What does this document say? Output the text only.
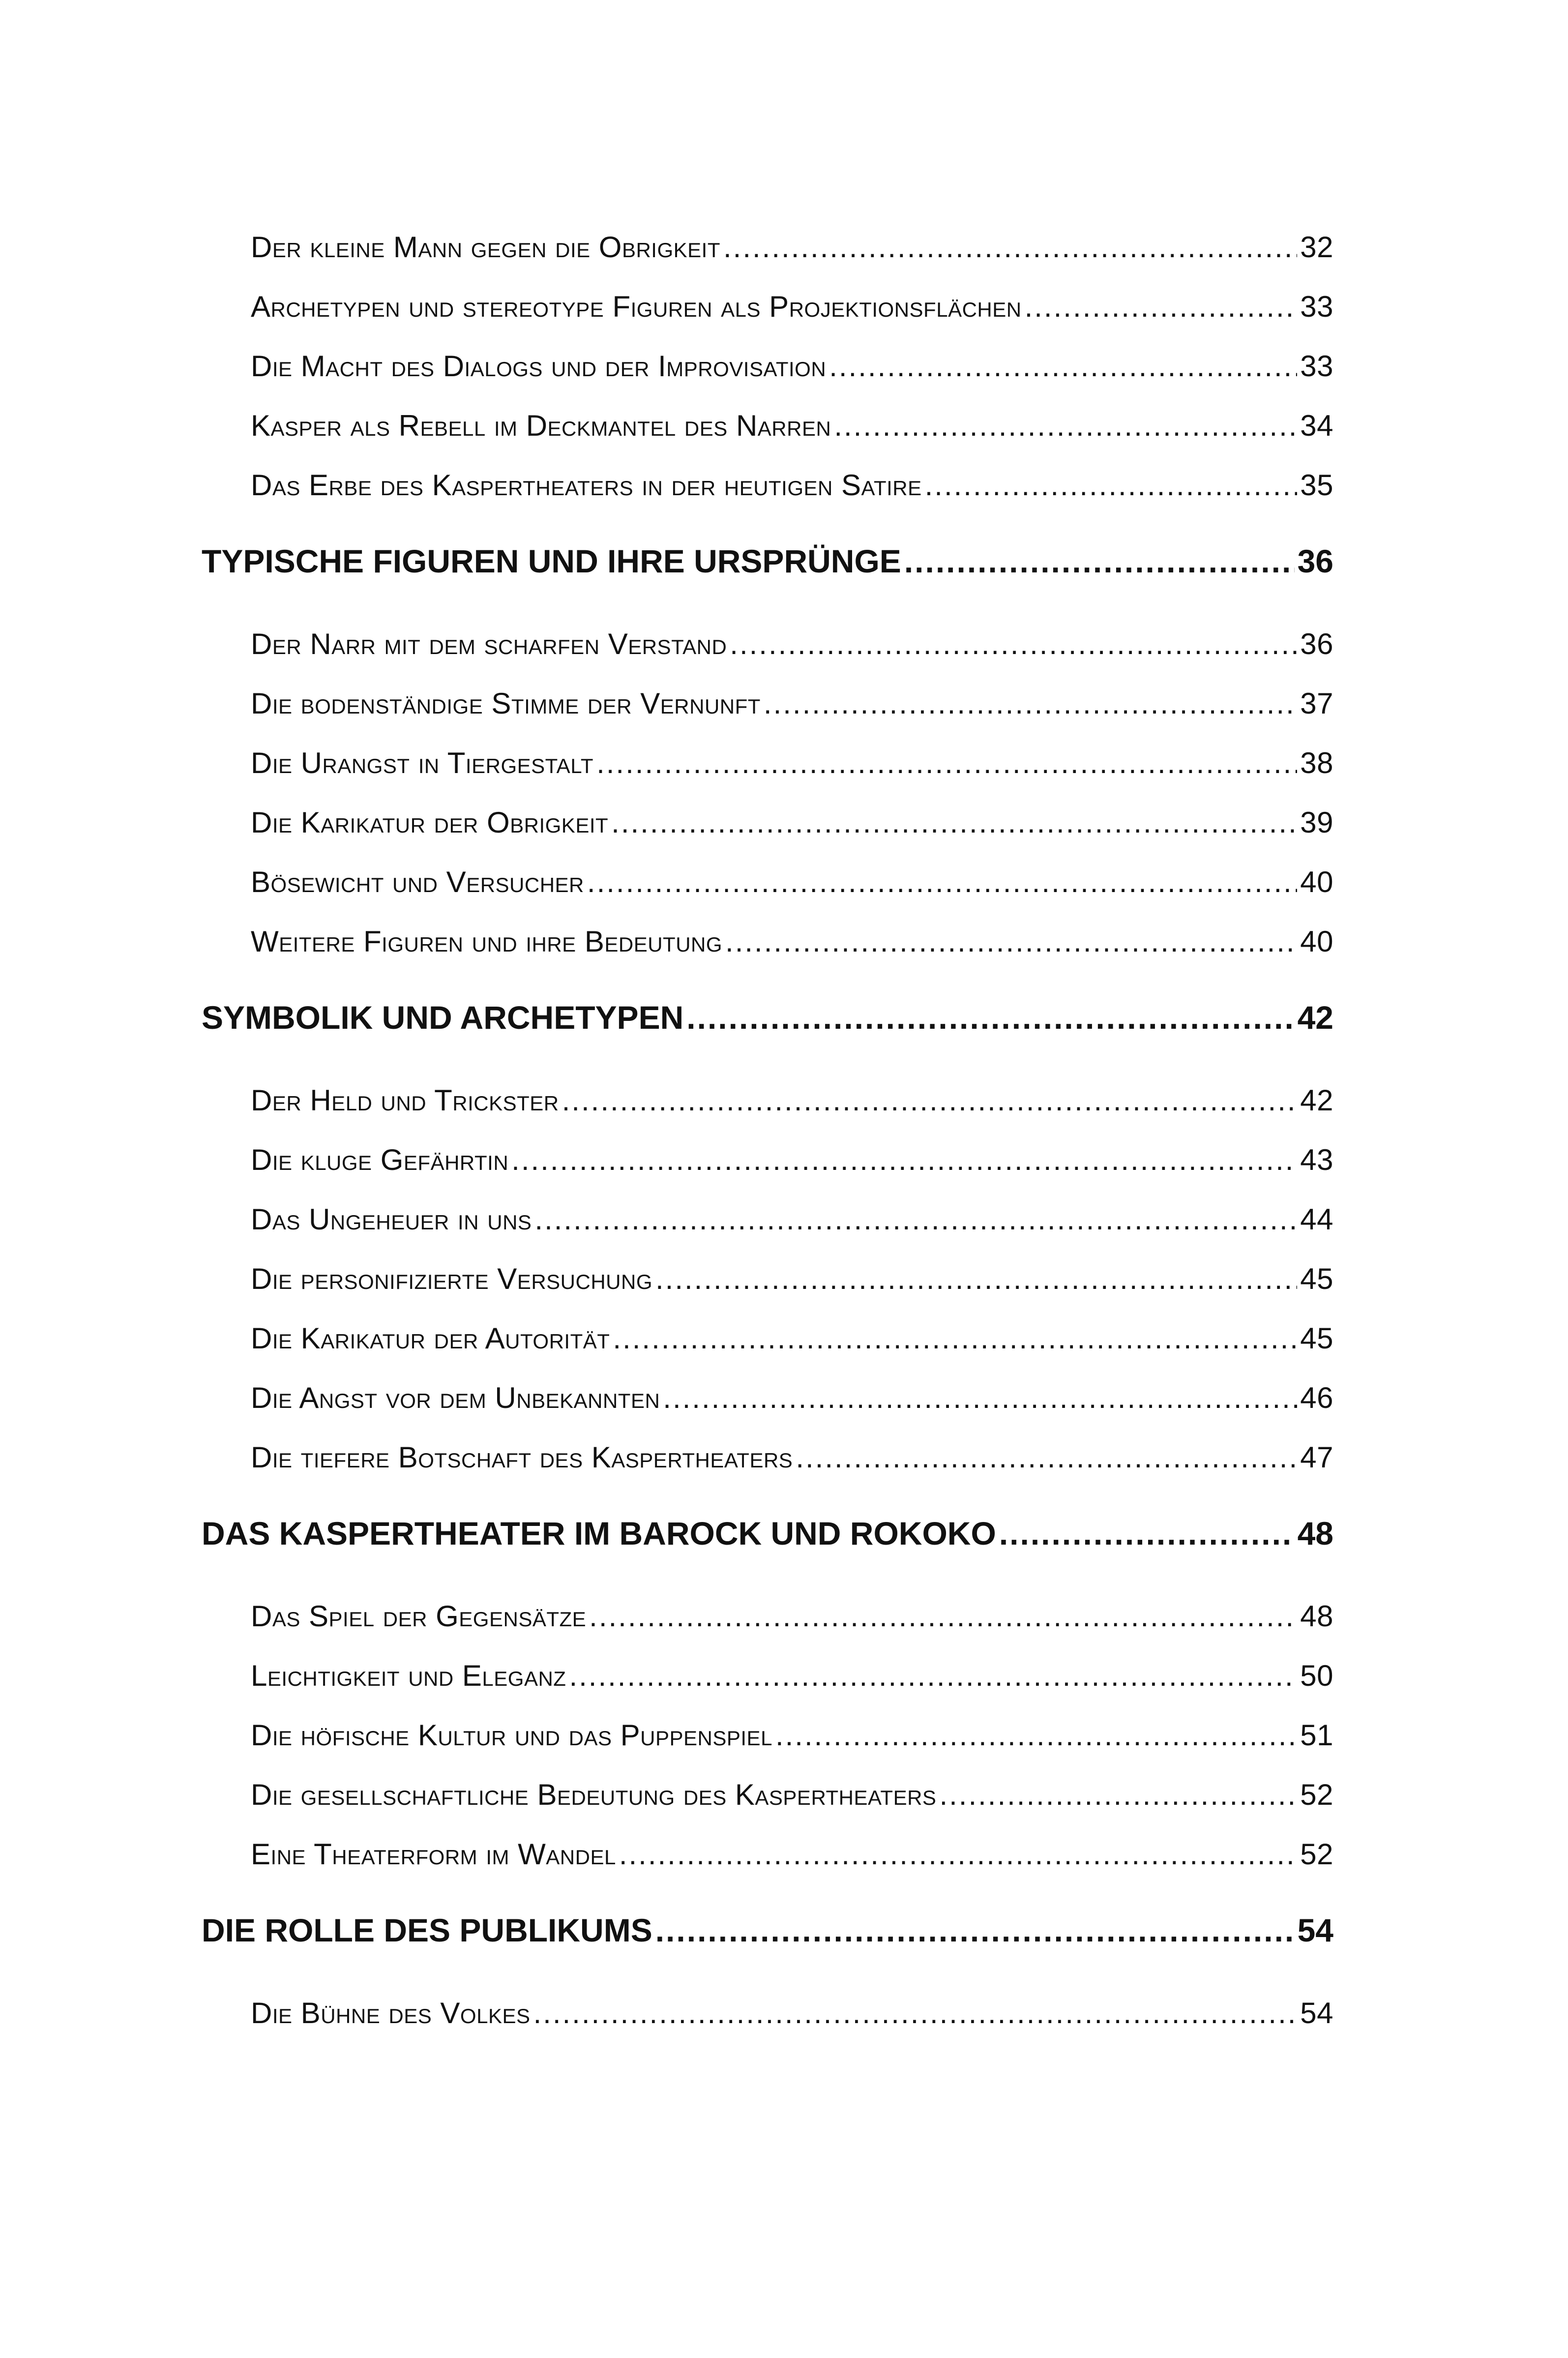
Der kleine Mann gegen die Obrigkeit .....	32
Archetypen und stereotype Figuren als Projektionsflächen .....	33
Die Macht des Dialogs und der Improvisation .....	33
Kasper als Rebell im Deckmantel des Narren .....	34
Das Erbe des Kaspertheaters in der heutigen Satire .....	35
TYPISCHE FIGUREN UND IHRE URSPRÜNGE .....	36
Der Narr mit dem scharfen Verstand .....	36
Die bodenständige Stimme der Vernunft .....	37
Die Urangst in Tiergestalt .....	38
Die Karikatur der Obrigkeit .....	39
Bösewicht und Versucher .....	40
Weitere Figuren und ihre Bedeutung .....	40
SYMBOLIK UND ARCHETYPEN .....	42
Der Held und Trickster .....	42
Die kluge Gefährtin .....	43
Das Ungeheuer in uns .....	44
Die personifizierte Versuchung .....	45
Die Karikatur der Autorität .....	45
Die Angst vor dem Unbekannten .....	46
Die tiefere Botschaft des Kaspertheaters .....	47
DAS KASPERTHEATER IM BAROCK UND ROKOKO .....	48
Das Spiel der Gegensätze .....	48
Leichtigkeit und Eleganz .....	50
Die höfische Kultur und das Puppenspiel .....	51
Die gesellschaftliche Bedeutung des Kaspertheaters .....	52
Eine Theaterform im Wandel .....	52
DIE ROLLE DES PUBLIKUMS .....	54
Die Bühne des Volkes .....	54
